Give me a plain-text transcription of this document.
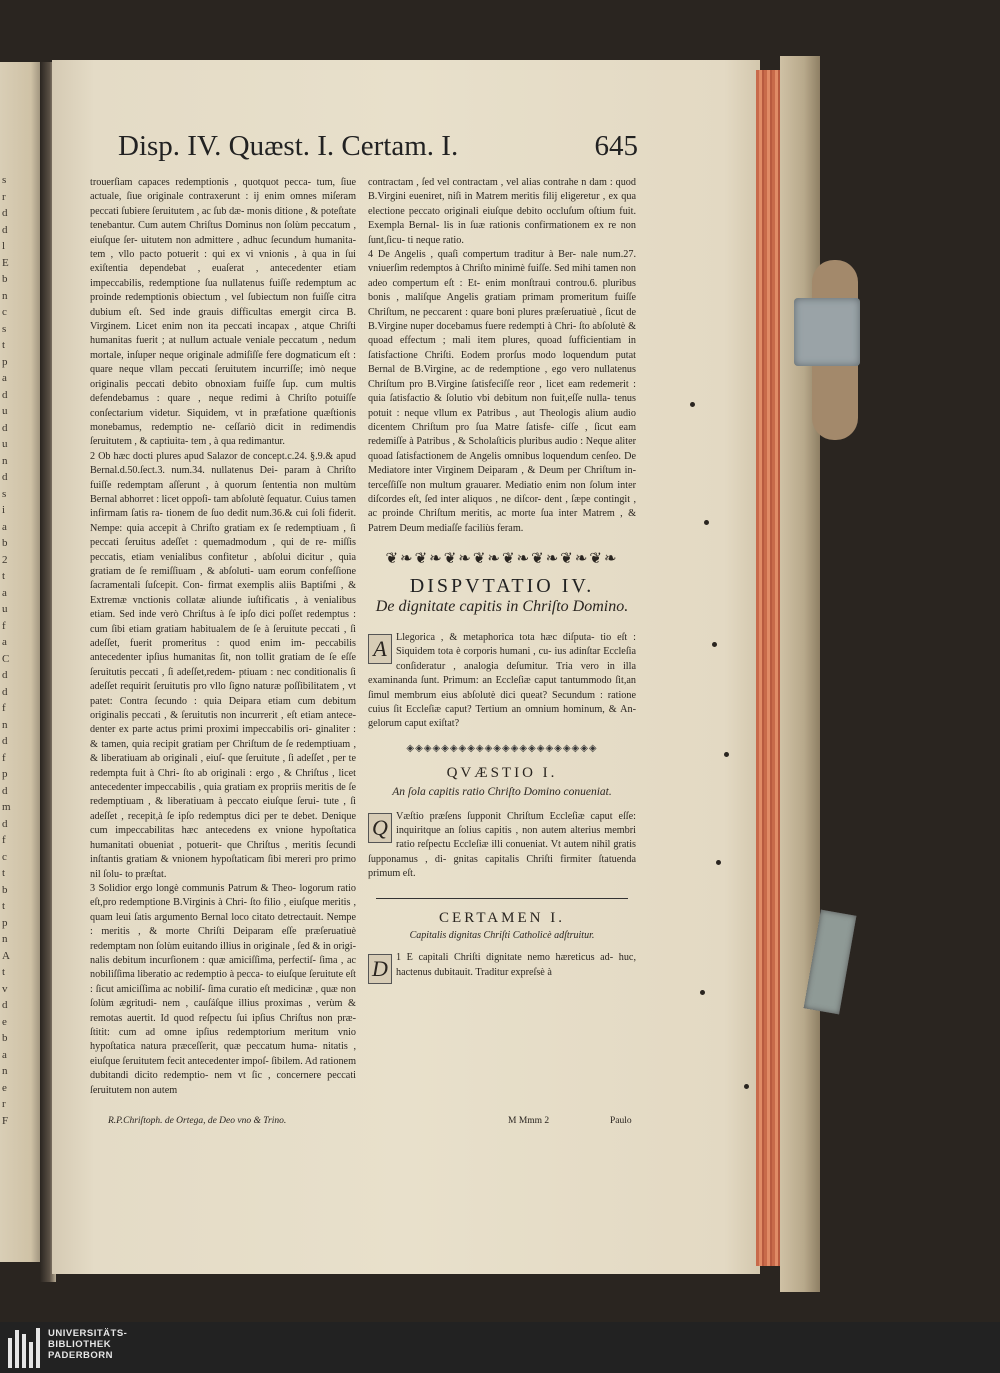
s
r
d
d
l
E
b
n
c
s
t
p
a
d
u
d
u
n
d
s
i
a
b
2
t
a
u
f
a
C
d
d
f
n
d
f
p
d
m
d
f
c
t
b
t
p
n
A
t
v
d
e
b
a
n
e
r
F
Disp. IV. Quæst. I. Certam. I.	645

trouerſiam capaces redemptionis , quotquot pecca- tum, ſiue actuale, ſiue originale contraxerunt : ij enim omnes miſeram peccati ſubiere ſeruitutem , ac ſub dæ- monis ditione , & poteſtate tenebantur. Cum autem Chriſtus Dominus non ſolùm peccatum , eiuſque ſer- uitutem non admittere , adhuc ſecundum humanita- tem , vllo pacto potuerit : qui ex vi vnionis , à qua in ſui exiſtentia dependebat , euaſerat , antecedenter etiam impeccabilis, redemptione ſua nullatenus fuiſſe redemptum ac proinde redemptionis obiectum , vel ſubiectum non fuiſſe citra dubium eſt. Sed inde grauis difficultas emergit circa B. Virginem. Licet enim non ita peccati incapax , atque Chriſti humanitas fuerit ; at nullum actuale veniale peccatum , nedum mortale, inſuper neque originale admiſiſſe fere dogmaticum eſt : quare neque vllam peccati ſeruitutem incurriſſe; imò neque originalis peccati debito obnoxiam fuiſſe ſup. cum multis defendebamus : quare , neque redimi à Chriſto potuiſſe conſectarium videtur. Siquidem, vt in præfatione quæſtionis monebamus, redemptio ne- ceſſariò dicit in redimendis ſeruitutem , & captiuita- tem , à qua redimantur.

2 Ob hæc docti plures apud Salazor de concept.c.24. §.9.& apud Bernal.d.50.ſect.3. num.34. nullatenus Dei- param à Chriſto fuiſſe redemptam aſſerunt , à quorum ſententia non multùm Bernal abhorret : licet oppoſi- tam abſolutè ſequatur. Cuius tamen infirmam ſatis ra- tionem de ſuo dedit num.36.& cui ſoli fiderit. Nempe: quia accepit à Chriſto gratiam ex ſe redemptiuam , ſi peccati ſeruitus adeſſet : quemadmodum , qui de re- miſſis peccatis, etiam venialibus confitetur , abſolui dicitur , quia gratiam de ſe remiſſiuam , & abſoluti- uam eorum confeſſione ſacramentali ſuſcepit. Con- firmat exemplis aliis Baptiſmi , & Extremæ vnctionis collatæ aliunde iuſtificatis , à venialibus etiam. Sed inde verò Chriſtus à ſe ipſo dici poſſet redemptus : cum ſibi etiam gratiam habitualem de ſe à ſeruitute peccati , ſi adeſſet, fuerit promeritus : quod enim im- peccabilis antecedenter ipſius humanitas ſit, non tollit gratiam de ſe eſſe ſeruitutis peccati , ſi adeſſet,redem- ptiuam : nec conditionalis ſi adeſſet requirit ſeruitutis pro vllo ſigno naturæ poſſibilitatem , vt patet: Contra ſecundo : quia Deipara etiam cum debitum originalis peccati , & ſeruitutis non incurrerit , eſt etiam antece- denter ex parte actus primi proximi impeccabilis ori- ginaliter : & tamen, quia recipit gratiam per Chriſtum de ſe redemptiuam , & liberatiuam ab originali , eiuſ- que ſeruitute , ſi adeſſet , per te redempta fuit à Chri- ſto ab originali : ergo , & Chriſtus , licet antecedenter impeccabilis , quia gratiam ex propriis meritis de ſe redemptiuam , & liberatiuam à peccato eiuſque ſerui- tute , ſi adeſſet , recepit,à ſe ipſo redemptus dici per te debet. Denique cum impeccabilitas hæc antecedens ex vnione hypoſtatica humanitati obueniat , potuerit- que Chriſtus , meritis ſecundi inſtantis gratiam & vnionem hypoſtaticam ſibi mereri pro primo nil ſolu- to præſtat.

3 Solidior ergo longè communis Patrum & Theo- logorum ratio eſt,pro redemptione B.Virginis à Chri- ſto filio , eiuſque meritis , quam leui ſatis argumento Bernal loco citato detrectauit. Nempe : meritis , & morte Chriſti Deiparam eſſe præſeruatiuè redemptam non ſolùm euitando illius in originale , ſed & in origi- nalis debitum incurſionem : quæ amiciſſima, perfectiſ- ſima , ac nobiliſſima liberatio ac redemptio à pecca- to eiuſque ſeruitute eſt : ſicut amiciſſima ac nobiliſ- ſima curatio eſt medicinæ , quæ non ſolùm ægritudi- nem , cauſáſque illius proximas , verùm & remotas auertit. Id quod reſpectu ſui ipſius Chriſtus non præ- ſtitit: cum ad omne ipſius redemptorium meritum vnio hypoſtatica natura præceſſerit, quæ peccatum huma- nitatis , eiuſque ſeruitutem fecit antecedenter impoſ- ſibilem. Ad rationem dubitandi dicito redemptio- nem vt ſic , concernere peccati ſeruitutem non autem

contractam , ſed vel contractam , vel alias contrahe n dam : quod B.Virgini eueniret, niſi in Matrem meritis filij eligeretur , ex qua electione peccato originali eiuſque debito occluſum oſtium fuit. Exempla Bernal- lis in ſuæ rationis confirmationem ex re non ſunt,ſicu- ti neque ratio.

4 De Angelis , quaſi compertum traditur à Ber- nale num.27. vniuerſim redemptos à Chriſto minimè fuiſſe. Sed mihi tamen non adeo compertum eſt : Et- enim monſtraui controu.6. pluribus bonis , malíſque Angelis gratiam primam promeritum fuiſſe Chriſtum, ne peccarent : quare boni plures præſeruatiuè , ſicut de B.Virgine nuper docebamus fuere redempti à Chri- ſto abſolutè & quoad effectum ; mali item plures, quoad ſufficientiam in ſatisfactione Chriſti. Eodem prorſus modo loquendum putat Bernal de B.Virgine, ac de redemptione , ego vero nullatenus Chriſtum pro B.Virgine ſatisfeciſſe reor , licet eam redemerit : quia ſatisfactio & ſolutio vbi debitum non fuit,eſſe nulla- tenus potuit : neque vllum ex Patribus , aut Theologis alium audio dicentem Chriſtum pro ſua Matre ſatisfe- ciſſe , ſicut eam redemiſſe à Patribus , & Scholaſticis pluribus audio : Neque aliter quoad ſatisfactionem de Angelis omnibus loquendum cenſeo. De Mediatore inter Virginem Deiparam , & Deum per Chriſtum in- terceſſiſſe non multum grauarer. Mediatio enim non ſolum inter diſcordes eſt, ſed inter aliquos , ne diſcor- dent , ſæpe contingit , ac proinde Chriſtum meritis, ac morte ſua inter Matrem , & Patrem Deum mediaſſe faciliùs feram.

❦❧❦❧❦❧❦❧❦❧❦❧❦❧❦❧
DISPVTATIO IV.
De dignitate capitis in Chriſto Domino.

A Llegorica , & metaphorica tota hæc diſputa- tio eſt : Siquidem tota è corporis humani , cu- ius adinſtar Eccleſia conſideratur , analogia deſumitur. Tria vero in illa examinanda ſunt. Primum: an Eccleſiæ caput tantummodo ſit,an ſimul membrum eius abſolutè dici queat? Secundum : ratione cuius ſit Eccleſiæ caput? Tertium an omnium hominum, & An- gelorum caput exiſtat?

◈◈◈◈◈◈◈◈◈◈◈◈◈◈◈◈◈◈◈◈◈◈
QVÆSTIO I.
An ſola capitis ratio Chriſto Domino conueniat.

Q Væſtio præſens ſupponit Chriſtum Eccleſiæ caput eſſe: inquiritque an ſolius capitis , non autem alterius membri ratio reſpectu Eccleſiæ illi conueniat. Vt autem nihil gratis ſupponamus , di- gnitas capitalis Chriſti firmiter ſtatuenda primum eſt.

CERTAMEN I.
Capitalis dignitas Chriſti Catholicè adſtruitur.

1
D	E capitali Chriſti dignitate nemo hæreticus ad- huc, hactenus dubitauit. Traditur expreſsè à

R.P.Chriſtoph. de Ortega, de Deo vno & Trino.	M Mmm 2	Paulo
UNIVERSITÄTS-
BIBLIOTHEK
PADERBORN
